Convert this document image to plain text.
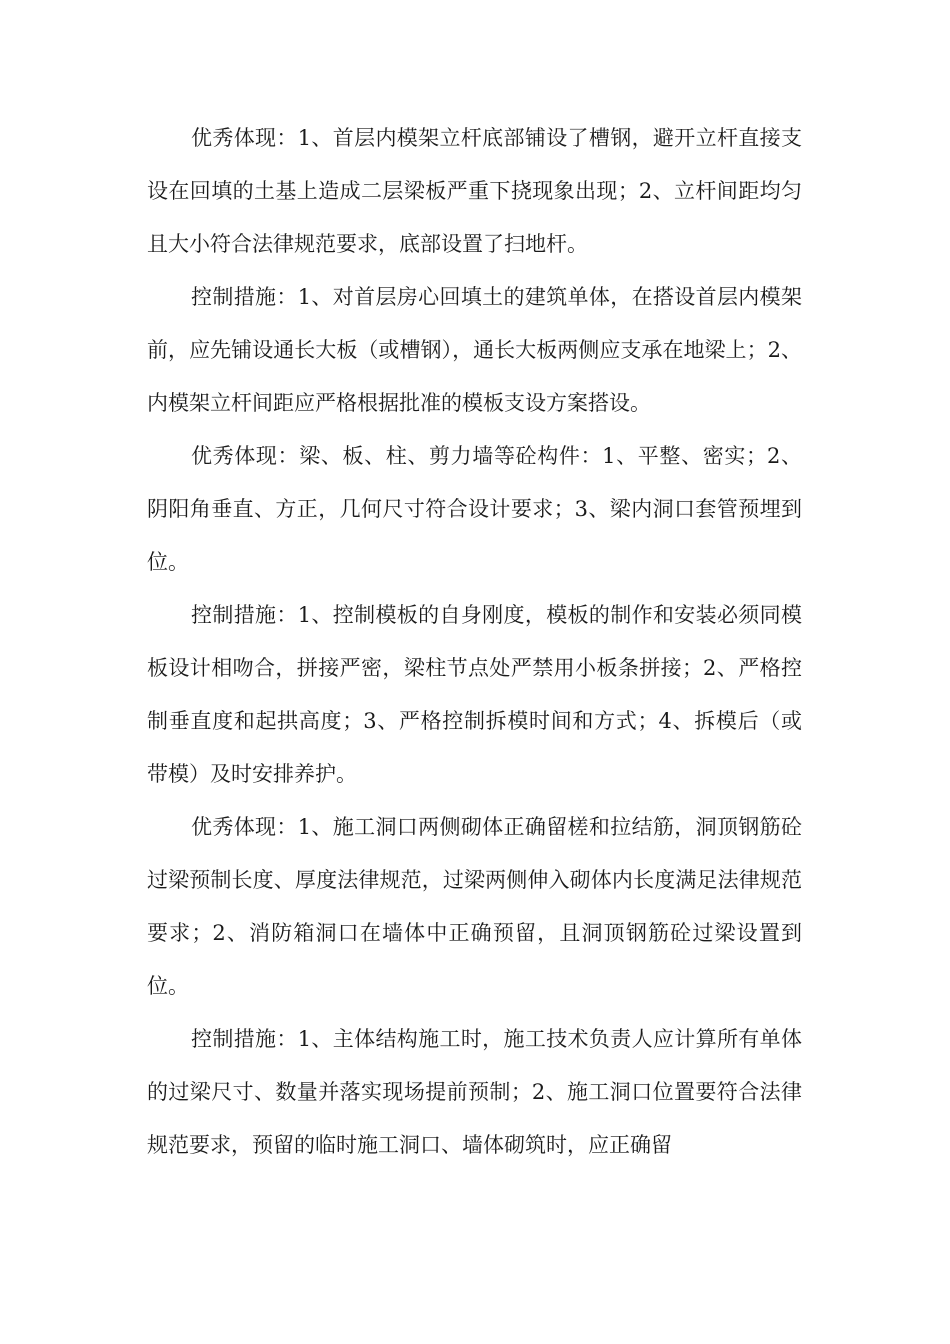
优秀体现：1、首层内模架立杆底部铺设了槽钢，避开立杆直接支设在回填的土基上造成二层梁板严重下挠现象出现；2、立杆间距均匀且大小符合法律规范要求，底部设置了扫地杆。

控制措施：1、对首层房心回填土的建筑单体，在搭设首层内模架前，应先铺设通长大板（或槽钢），通长大板两侧应支承在地梁上；2、内模架立杆间距应严格根据批准的模板支设方案搭设。

优秀体现：梁、板、柱、剪力墙等砼构件：1、平整、密实；2、阴阳角垂直、方正，几何尺寸符合设计要求；3、梁内洞口套管预埋到位。

控制措施：1、控制模板的自身刚度，模板的制作和安装必须同模板设计相吻合，拼接严密，梁柱节点处严禁用小板条拼接；2、严格控制垂直度和起拱高度；3、严格控制拆模时间和方式；4、拆模后（或带模）及时安排养护。

优秀体现：1、施工洞口两侧砌体正确留槎和拉结筋，洞顶钢筋砼过梁预制长度、厚度法律规范，过梁两侧伸入砌体内长度满足法律规范要求；2、消防箱洞口在墙体中正确预留，且洞顶钢筋砼过梁设置到位。

控制措施：1、主体结构施工时，施工技术负责人应计算所有单体的过梁尺寸、数量并落实现场提前预制；2、施工洞口位置要符合法律规范要求，预留的临时施工洞口、墙体砌筑时，应正确留
